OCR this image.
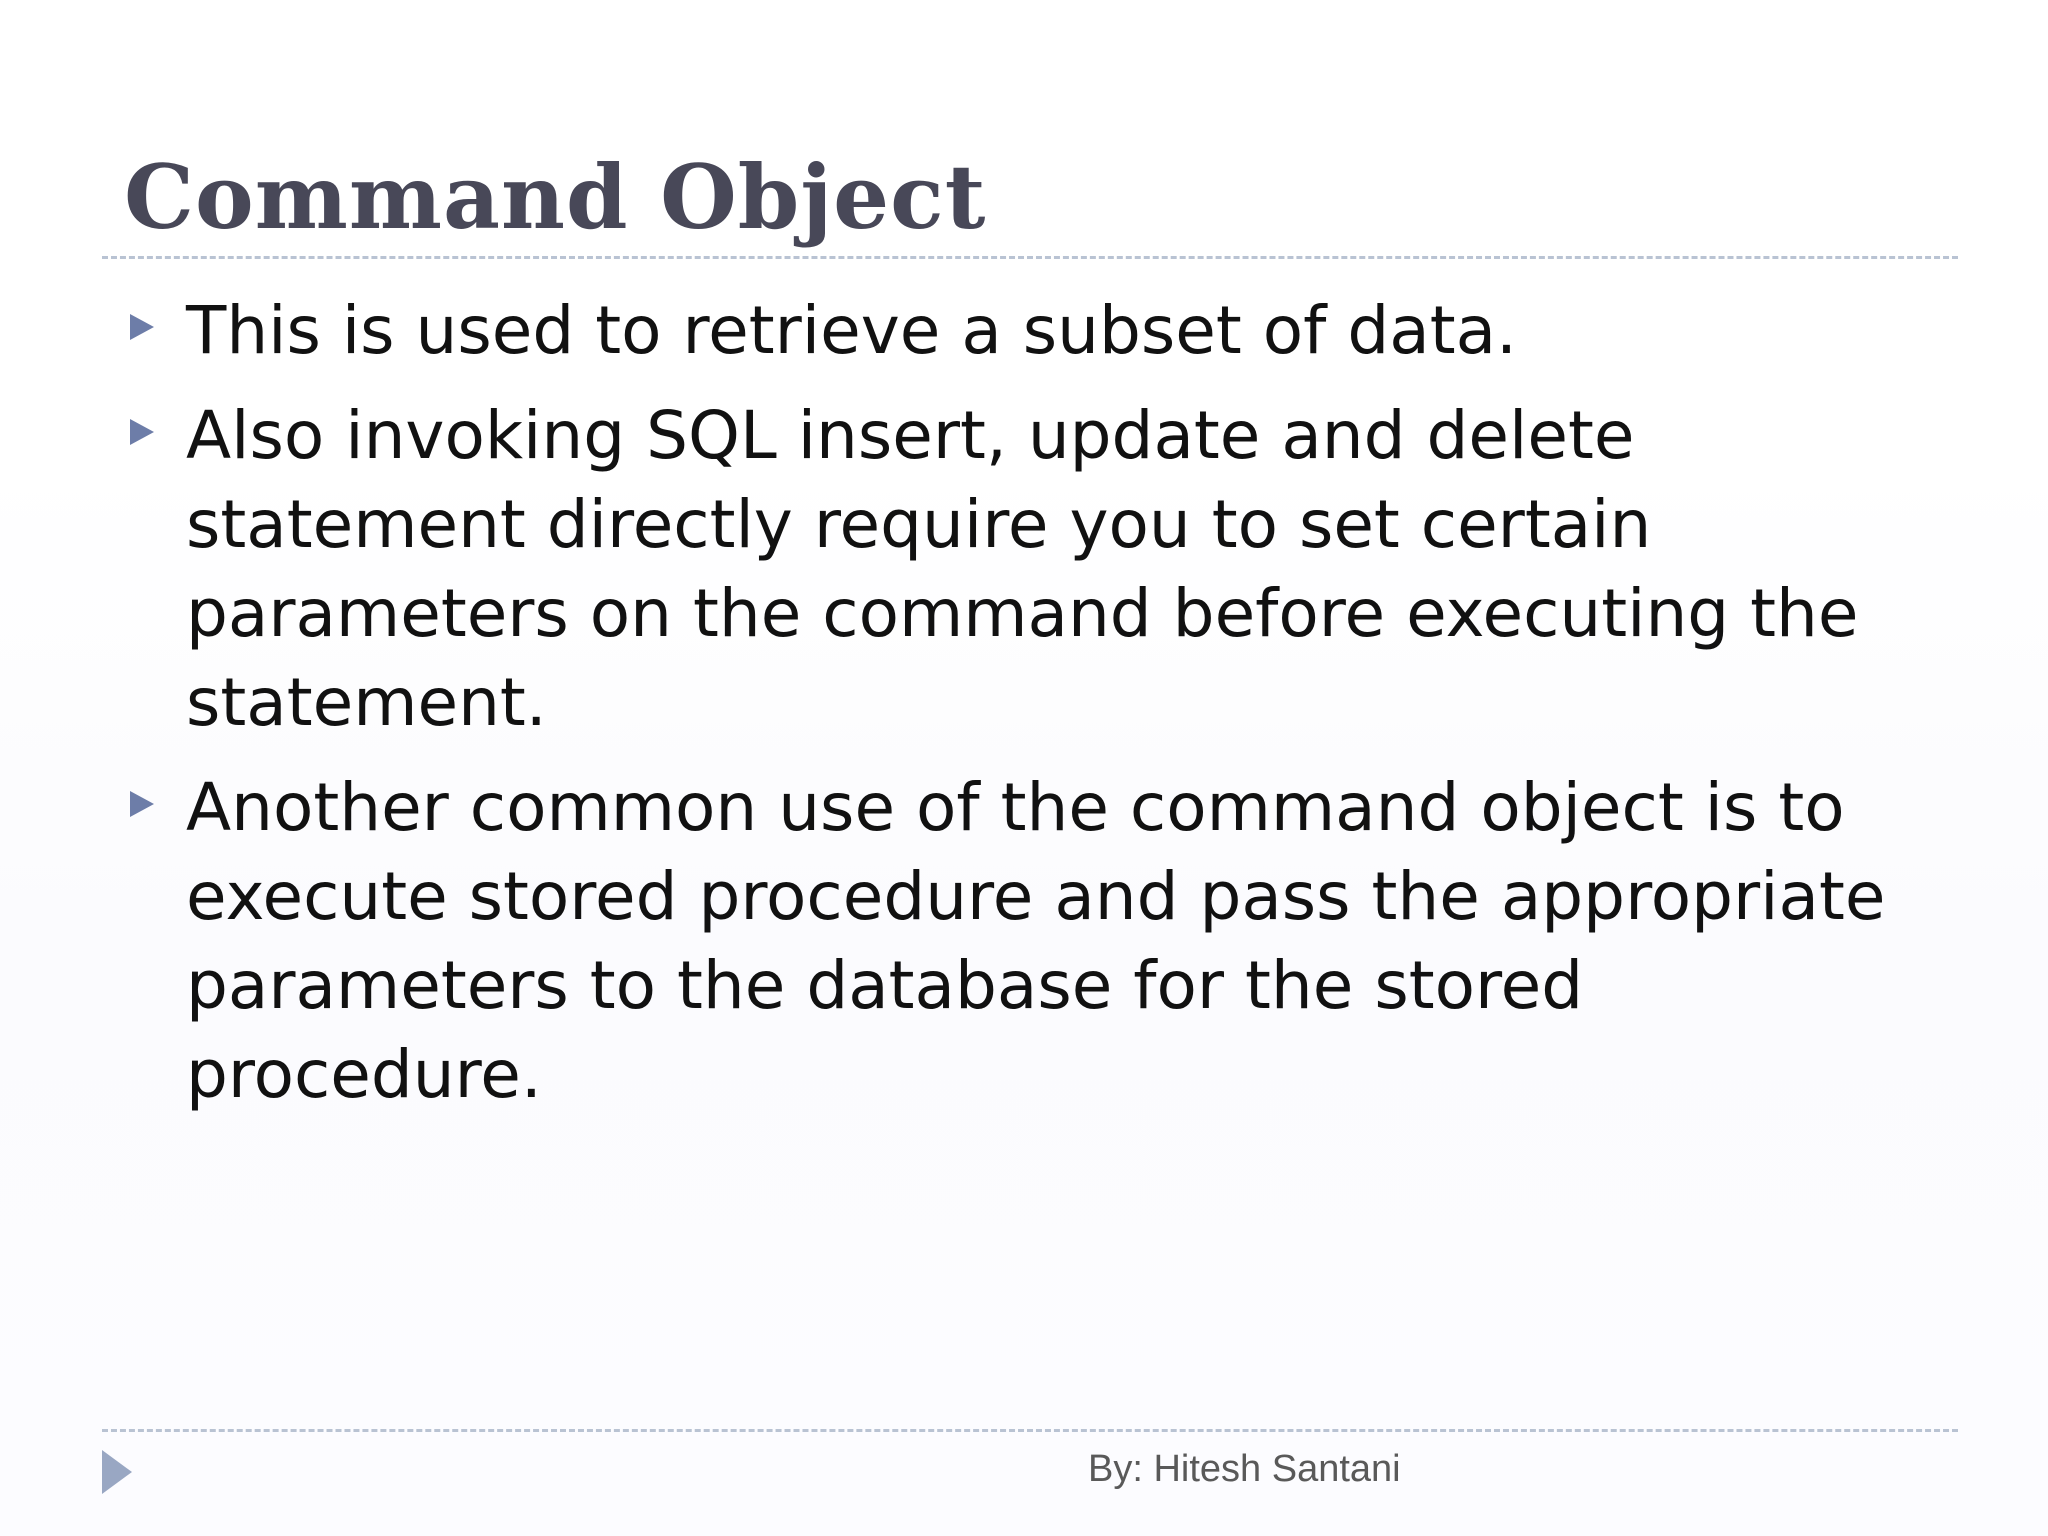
Command Object
This is used to retrieve a subset of data.
Also invoking SQL insert, update and delete statement directly require you to set certain parameters on the command before executing the statement.
Another common use of the command object is to execute stored procedure and pass the appropriate parameters to the database for the stored procedure.
By: Hitesh Santani
